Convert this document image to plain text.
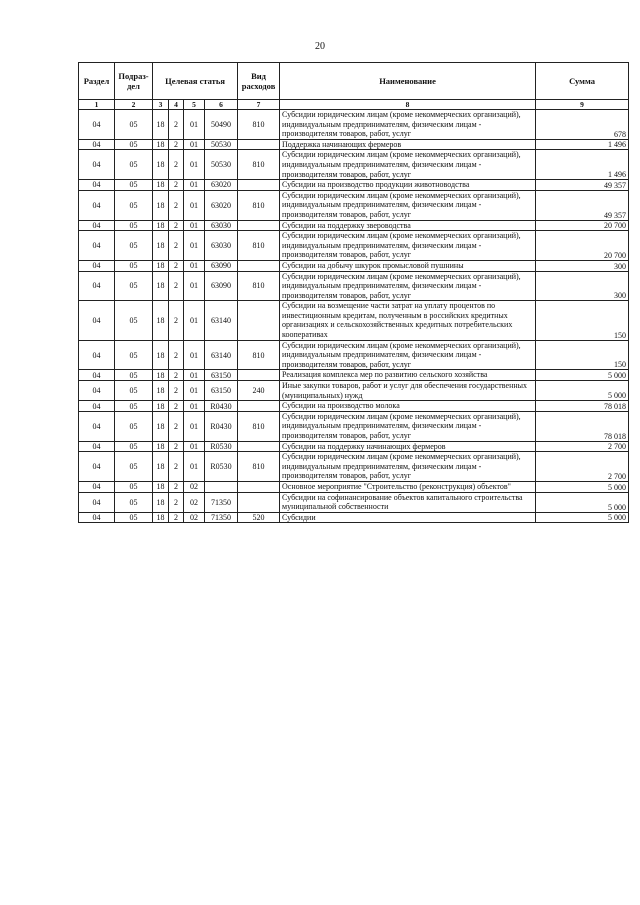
20
Раздел	Подраз-дел	Целевая статья				Вид расходов	Наименование	Сумма
1	2	3	4	5	6	7	8	9
04	05	18	2	01	50490	810	Субсидии юридическим лицам (кроме некоммерческих организаций), индивидуальным предпринимателям, физическим лицам - производителям товаров, работ, услуг	678
04	05	18	2	01	50530		Поддержка начинающих фермеров	1 496
04	05	18	2	01	50530	810	Субсидии юридическим лицам (кроме некоммерческих организаций), индивидуальным предпринимателям, физическим лицам - производителям товаров, работ, услуг	1 496
04	05	18	2	01	63020		Субсидии на производство продукции животноводства	49 357
04	05	18	2	01	63020	810	Субсидии юридическим лицам (кроме некоммерческих организаций), индивидуальным предпринимателям, физическим лицам - производителям товаров, работ, услуг	49 357
04	05	18	2	01	63030		Субсидии на поддержку звероводства	20 700
04	05	18	2	01	63030	810	Субсидии юридическим лицам (кроме некоммерческих организаций), индивидуальным предпринимателям, физическим лицам - производителям товаров, работ, услуг	20 700
04	05	18	2	01	63090		Субсидии на добычу шкурок промысловой пушнины	300
04	05	18	2	01	63090	810	Субсидии юридическим лицам (кроме некоммерческих организаций), индивидуальным предпринимателям, физическим лицам - производителям товаров, работ, услуг	300
04	05	18	2	01	63140		Субсидии на возмещение части затрат на уплату процентов по инвестиционным кредитам, полученным в российских кредитных организациях и сельскохозяйственных кредитных потребительских кооперативах	150
04	05	18	2	01	63140	810	Субсидии юридическим лицам (кроме некоммерческих организаций), индивидуальным предпринимателям, физическим лицам - производителям товаров, работ, услуг	150
04	05	18	2	01	63150		Реализация комплекса мер по развитию сельского хозяйства	5 000
04	05	18	2	01	63150	240	Иные закупки товаров, работ и услуг для обеспечения государственных (муниципальных) нужд	5 000
04	05	18	2	01	R0430		Субсидии на производство молока	78 018
04	05	18	2	01	R0430	810	Субсидии юридическим лицам (кроме некоммерческих организаций), индивидуальным предпринимателям, физическим лицам - производителям товаров, работ, услуг	78 018
04	05	18	2	01	R0530		Субсидии на поддержку начинающих фермеров	2 700
04	05	18	2	01	R0530	810	Субсидии юридическим лицам (кроме некоммерческих организаций), индивидуальным предпринимателям, физическим лицам - производителям товаров, работ, услуг	2 700
04	05	18	2	02			Основное мероприятие "Строительство (реконструкция) объектов"	5 000
04	05	18	2	02	71350		Субсидии на софинансирование объектов капитального строительства муниципальной собственности	5 000
04	05	18	2	02	71350	520	Субсидии	5 000
